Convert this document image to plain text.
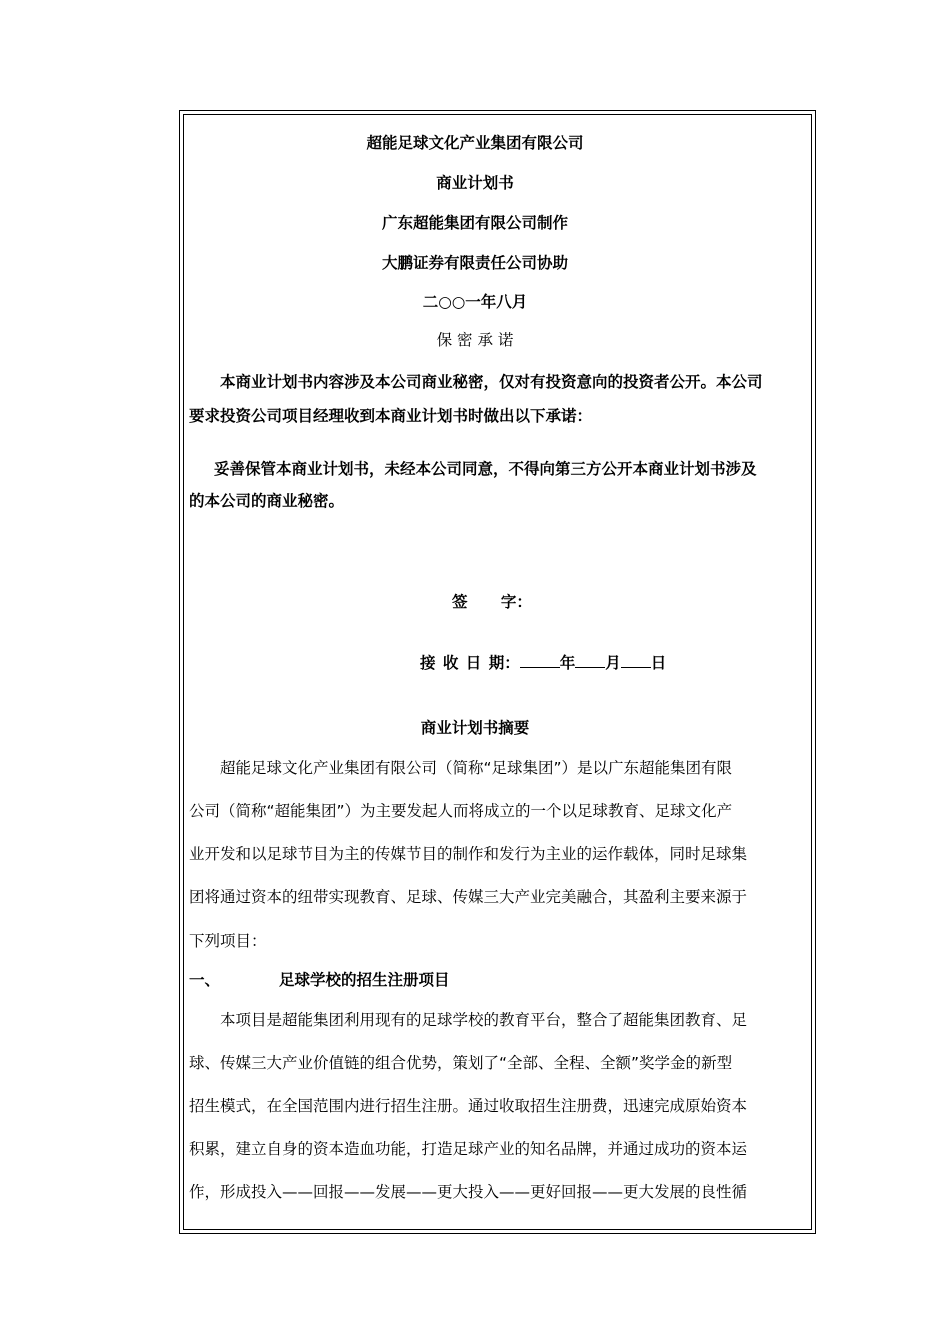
超能足球文化产业集团有限公司
商业计划书
广东超能集团有限公司制作
大鹏证券有限责任公司协助
二○○一年八月
保 密 承 诺
本商业计划书内容涉及本公司商业秘密，仅对有投资意向的投资者公开。本公司
要求投资公司项目经理收到本商业计划书时做出以下承诺：
妥善保管本商业计划书，未经本公司同意，不得向第三方公开本商业计划书涉及
的本公司的商业秘密。
签 字：
接 收 日 期：	年 月 日
商业计划书摘要
超能足球文化产业集团有限公司（简称“足球集团”）是以广东超能集团有限
公司（简称“超能集团”）为主要发起人而将成立的一个以足球教育、足球文化产
业开发和以足球节目为主的传媒节目的制作和发行为主业的运作载体，同时足球集
团将通过资本的纽带实现教育、足球、传媒三大产业完美融合，其盈利主要来源于
下列项目：
一、	足球学校的招生注册项目
本项目是超能集团利用现有的足球学校的教育平台，整合了超能集团教育、足
球、传媒三大产业价值链的组合优势，策划了“全部、全程、全额”奖学金的新型
招生模式，在全国范围内进行招生注册。通过收取招生注册费，迅速完成原始资本
积累，建立自身的资本造血功能，打造足球产业的知名品牌，并通过成功的资本运
作，形成投入——回报——发展——更大投入——更好回报——更大发展的良性循
